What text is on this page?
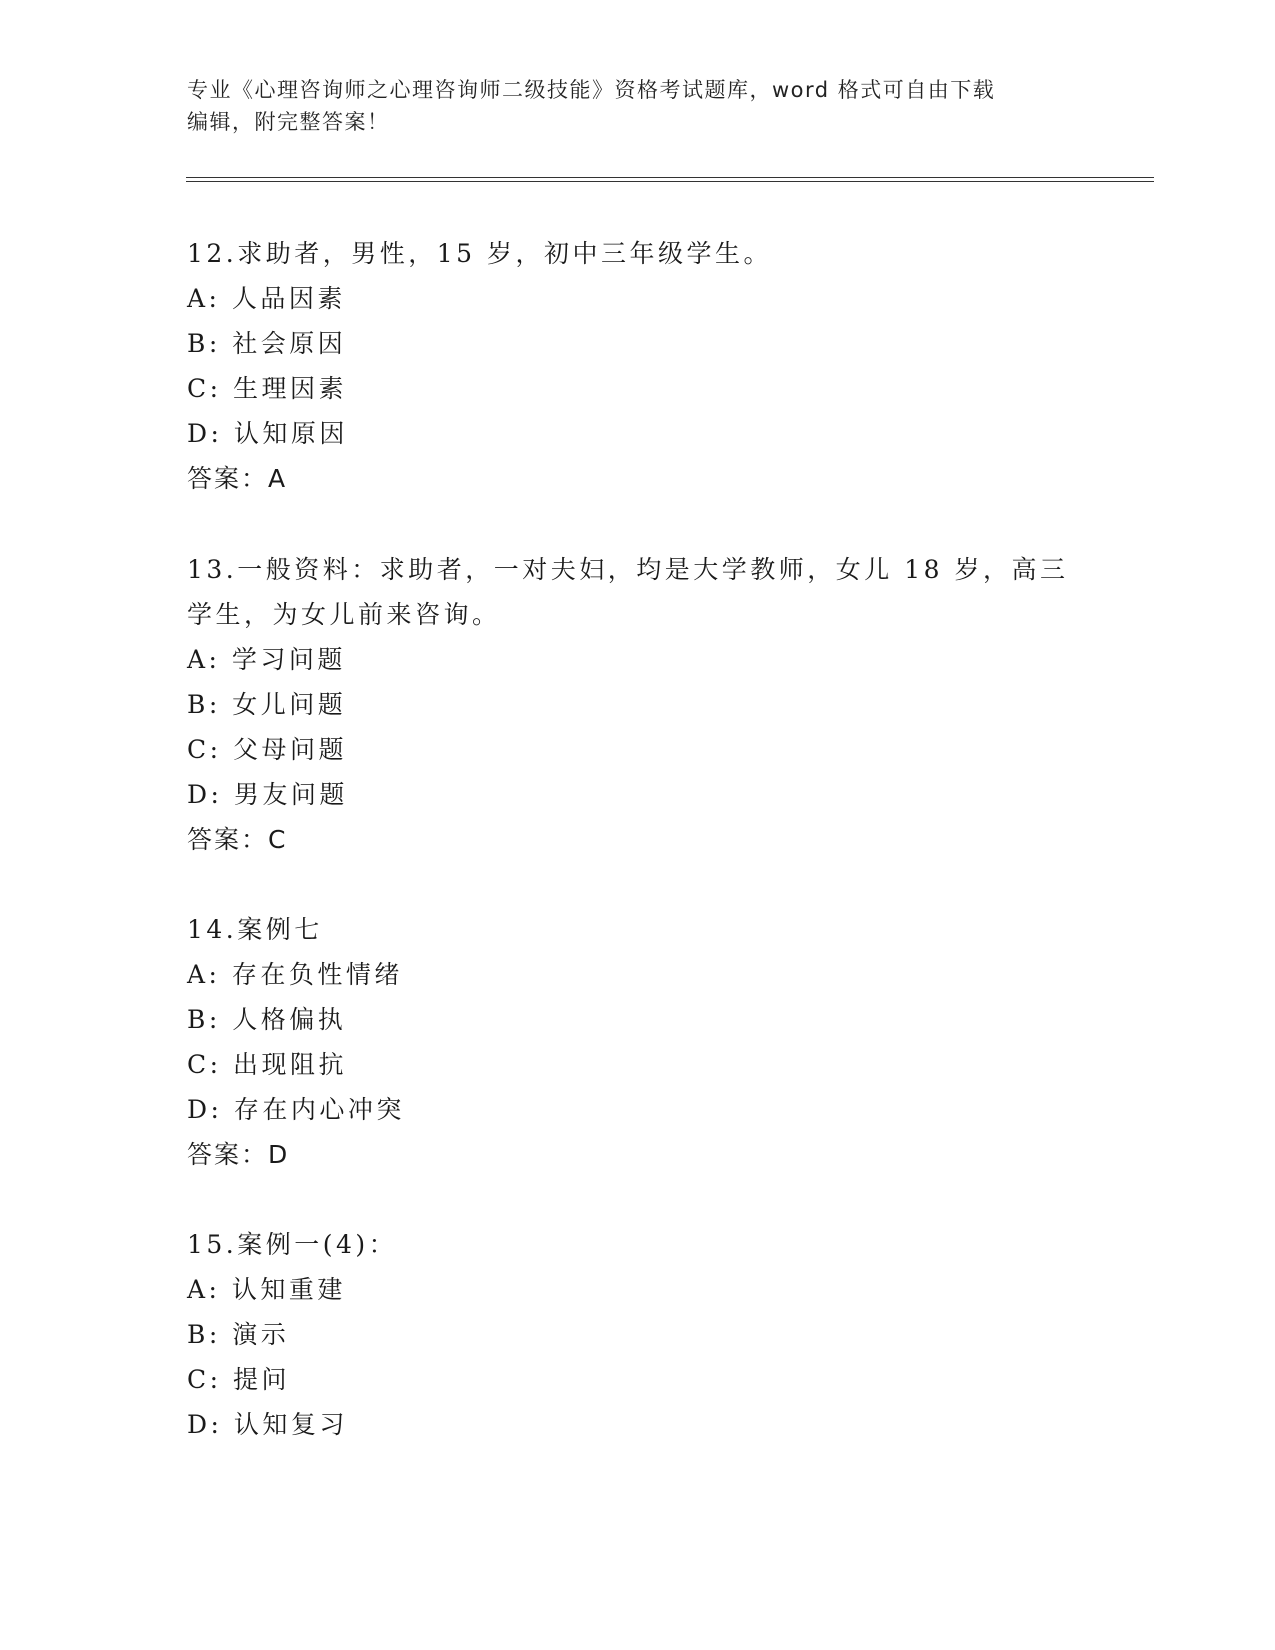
专业《心理咨询师之心理咨询师二级技能》资格考试题库，word 格式可自由下载
编辑，附完整答案！
12.求助者，男性，15 岁，初中三年级学生。
A: 人品因素
B: 社会原因
C: 生理因素
D: 认知原因
答案：A
13.一般资料：求助者，一对夫妇，均是大学教师，女儿 18 岁，高三
学生，为女儿前来咨询。
A: 学习问题
B: 女儿问题
C: 父母问题
D: 男友问题
答案：C
14.案例七
A: 存在负性情绪
B: 人格偏执
C: 出现阻抗
D: 存在内心冲突
答案：D
15.案例一(4)：
A: 认知重建
B: 演示
C: 提问
D: 认知复习
